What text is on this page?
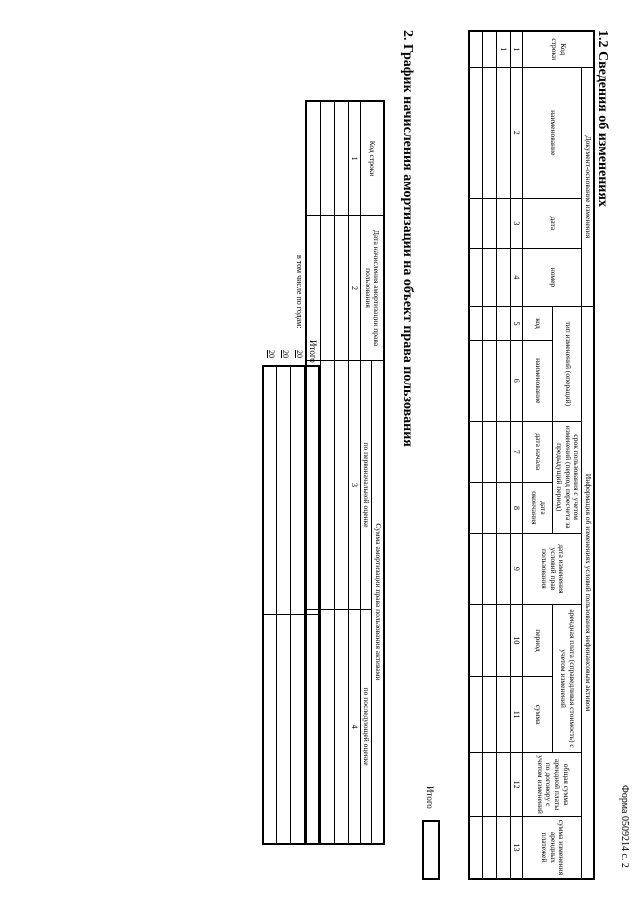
Форма 0509214 с. 2
1.2 Сведения об изменениях
Код строки	Документ-основание изменения			Информация об изменениях условий пользования нефинансовым активом								
	наименование	дата	номер	тип изменений (операций)		срок пользования с учетом изменений (период пересчета за предыдущий период)		дата изменения условий прав пользования	арендная плата (справедливая стоимость) с учетом изменений		общая сумма арендной платы по договору с учетом изменений	сумма изменения арендных платежей
				код	наименование	дата начала	дата окончания		период	сумма		
1	2	3	4	5	6	7	8	9	10	11	12	13
1												

Итого
2. График начисления амортизации на объект права пользования
Код строки	Дата начисления амортизации права пользования	Сумма амортизации права пользования активами	
		по первоначальной оценке	по последующей оценке
1	2	3	4

Итого
в том числе по годам:
20
20
20
